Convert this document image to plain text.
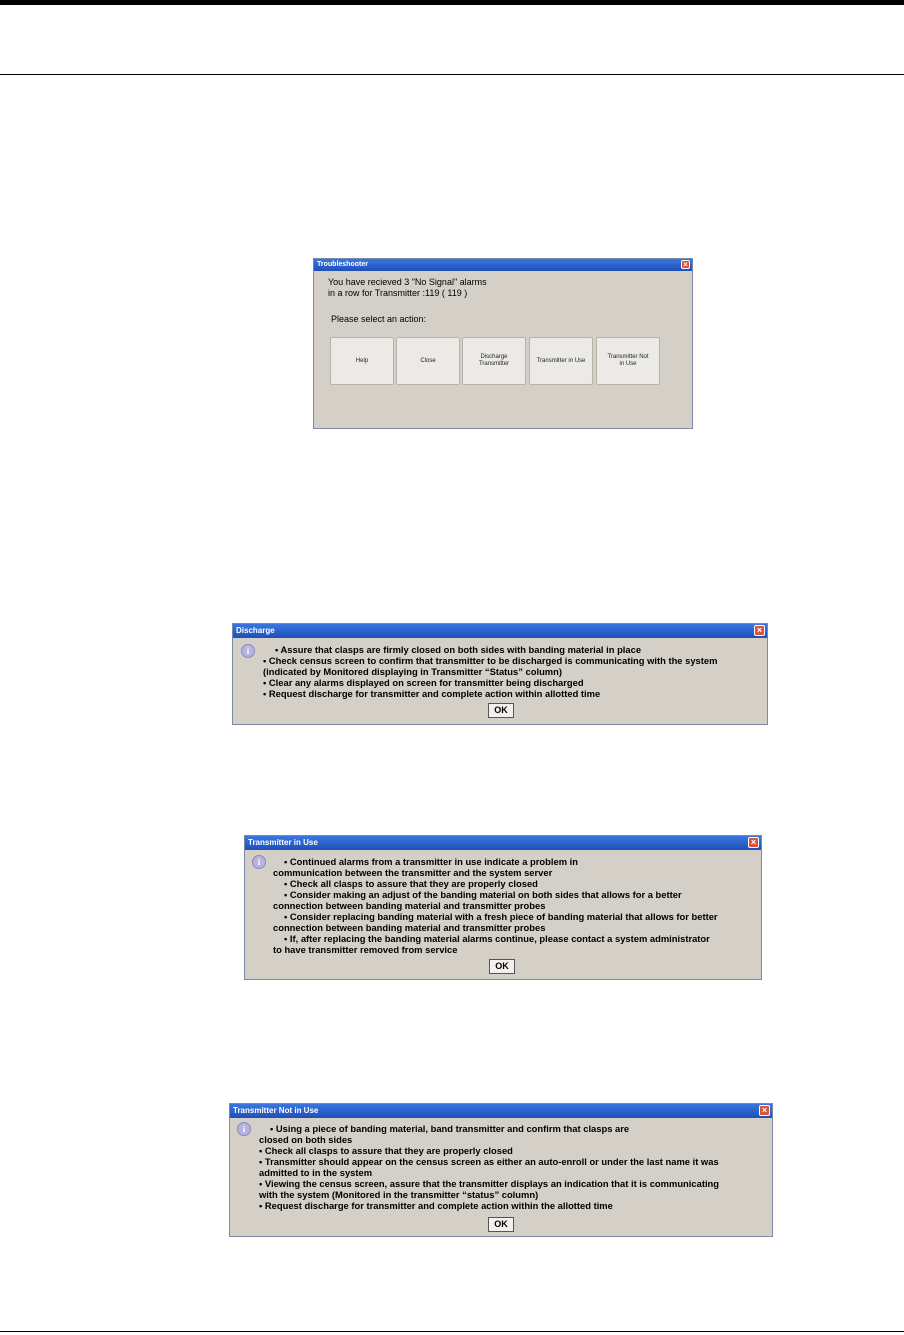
Troubleshooter	×
You have recieved 3 "No Signal" alarms
in a row for Transmitter :119 ( 119 )
Please select an action:
Help	Close
Discharge
Transmitter
Transmitter in Use
Transmitter Not
in Use
Discharge	×
i	• Assure that clasps are firmly closed on both sides with banding material in place
• Check census screen to confirm that transmitter to be discharged is communicating with the system
(indicated by Monitored displaying in Transmitter “Status” column)
• Clear any alarms displayed on screen for transmitter being discharged
• Request discharge for transmitter and complete action within allotted time
OK
Transmitter in Use	×
i	• Continued alarms from a transmitter in use indicate a problem in
communication between the transmitter and the system server
• Check all clasps to assure that they are properly closed
• Consider making an adjust of the banding material on both sides that allows for a better
connection between banding material and transmitter probes
• Consider replacing banding material with a fresh piece of banding material that allows for better
connection between banding material and transmitter probes
• If, after replacing the banding material alarms continue, please contact a system administrator
to have transmitter removed from service
OK
Transmitter Not in Use	×
i	• Using a piece of banding material, band transmitter and confirm that clasps are
closed on both sides
• Check all clasps to assure that they are properly closed
• Transmitter should appear on the census screen as either an auto-enroll or under the last name it was
admitted to in the system
• Viewing the census screen, assure that the transmitter displays an indication that it is communicating
with the system (Monitored in the transmitter “status” column)
• Request discharge for transmitter and complete action within the allotted time
OK
